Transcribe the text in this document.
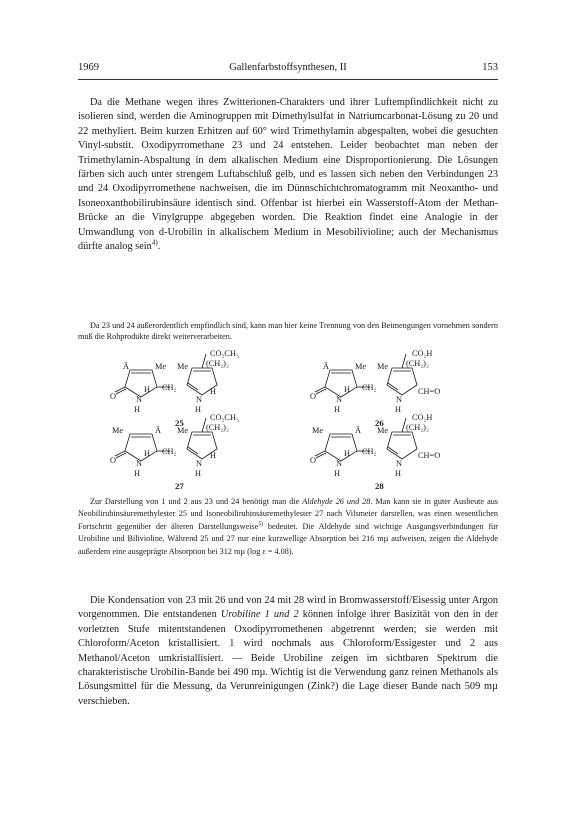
1969	Gallenfarbstoffsynthesen, II	153

Da die Methane wegen ihres Zwitterionen-Charakters und ihrer Luftempfindlichkeit nicht zu isolieren sind, werden die Aminogruppen mit Dimethylsulfat in Natriumcarbonat-Lösung zu 20 und 22 methyliert. Beim kurzen Erhitzen auf 60° wird Trimethylamin abgespalten, wobei die gesuchten Vinyl-substit. Oxodipyrromethane 23 und 24 entstehen. Leider beobachtet man neben der Trimethylamin-Abspaltung in dem alkalischen Medium eine Disproportionierung. Die Lösungen färben sich auch unter strengem Luftabschluß gelb, und es lassen sich neben den Verbindungen 23 und 24 Oxodipyrromethene nachweisen, die im Dünnschichtchromatogramm mit Neoxantho- und Isoneoxanthobilirubinsäure identisch sind. Offenbar ist hierbei ein Wasserstoff-Atom der Methan-Brücke an die Vinylgruppe abgegeben worden. Die Reaktion findet eine Analogie in der Umwandlung von d-Urobilin in alkalischem Medium in Mesobilivioline; auch der Mechanismus dürfte analog sein$^{4)}$.

Da 23 und 24 außerordentlich empfindlich sind, kann man hier keine Trennung von den Beimengungen vornehmen sondern muß die Rohprodukte direkt weiterverarbeiten.

CO₂CH₃
(CH₂)₂
Ä	Me Me
O N
H
H
CH₂
N
H
H
25
CO₂H
(CH₂)₂
Ä	Me Me
O N
H
H
CH₂
N
CH=O
H
26
CO₂CH₃
(CH₂)₂
Me	Ä Me
O N
H
H
CH₂
N
H
H
27
CO₂H
(CH₂)₂
Me	Ä Me
O N
H
H
CH₂
N
CH=O
H
28

Zur Darstellung von 1 und 2 aus 23 und 24 benötigt man die Aldehyde 26 und 28. Man kann sie in guter Ausbeute aus Neobilirubinsäuremethylester 25 und Isoneobilirubinsäuremethylester 27 nach Vilsmeier darstellen, was einen wesentlichen Fortschritt gegenüber der älteren Darstellungsweise$^{5)}$ bedeutet. Die Aldehyde sind wichtige Ausgangsverbindungen für Urobiline und Bilivioline. Während 25 und 27 nur eine kurzwellige Absorption bei 216 mµ aufweisen, zeigen die Aldehyde außerdem eine ausgeprägte Absorption bei 312 mµ (log ε = 4.08).

Die Kondensation von 23 mit 26 und von 24 mit 28 wird in Bromwasserstoff/Eisessig unter Argon vorgenommen. Die entstandenen Urobiline 1 und 2 können infolge ihrer Basizität von den in der vorletzten Stufe mitentstandenen Oxodipyrromethenen abgetrennt werden; sie werden mit Chloroform/Aceton kristallisiert. 1 wird nochmals aus Chloroform/Essigester und 2 aus Methanol/Aceton umkristallisiert. — Beide Urobiline zeigen im sichtbaren Spektrum die charakteristische Urobilin-Bande bei 490 mµ. Wichtig ist die Verwendung ganz reinen Methanols als Lösungsmittel für die Messung, da Verunreinigungen (Zink?) die Lage dieser Bande nach 509 mµ verschieben.
